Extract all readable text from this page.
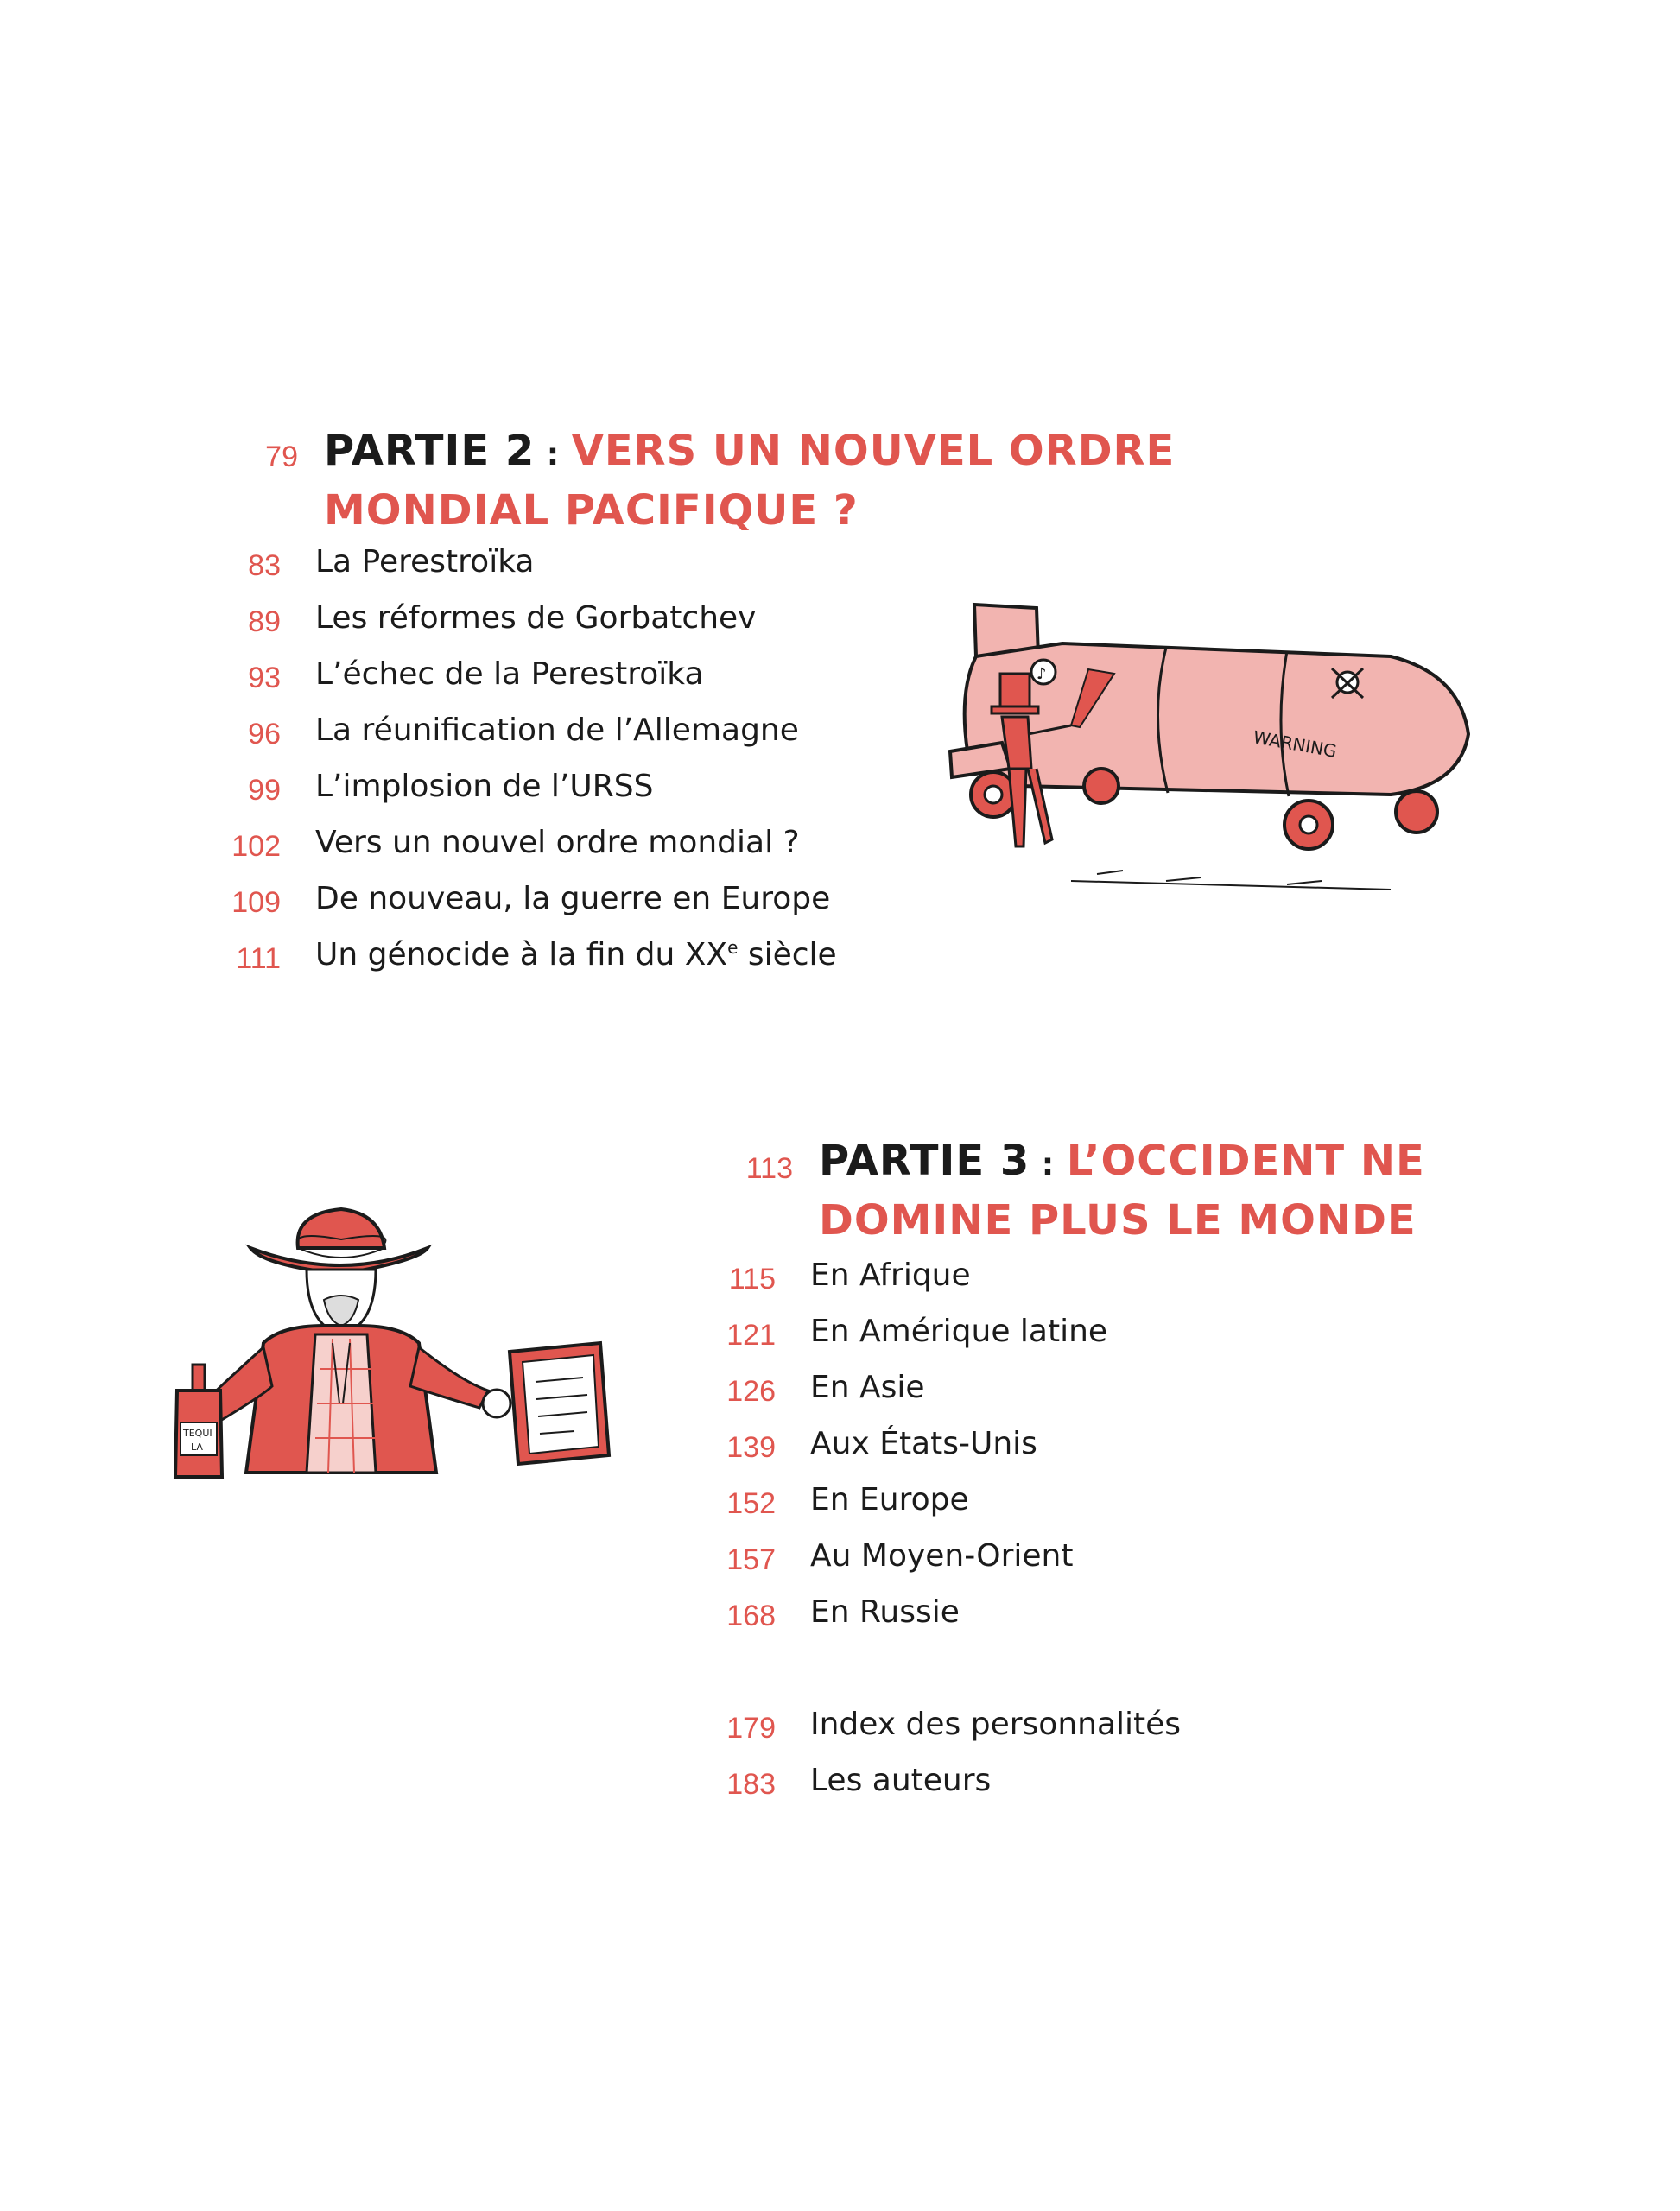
79 PARTIE 2 : VERS UN NOUVEL ORDRE
MONDIAL PACIFIQUE ?
83 La Perestroïka
89 Les réformes de Gorbatchev
93 L’échec de la Perestroïka
96 La réunification de l’Allemagne
99 L’implosion de l’URSS
102 Vers un nouvel ordre mondial ?
109 De nouveau, la guerre en Europe
111 Un génocide à la fin du XXe siècle
WARNING
♪
113 PARTIE 3 : L’OCCIDENT NE
DOMINE PLUS LE MONDE
115 En Afrique
121 En Amérique latine
126 En Asie
139 Aux États-Unis
152 En Europe
157 Au Moyen-Orient
168 En Russie
179 Index des personnalités
183 Les auteurs
TEQUI
LA
